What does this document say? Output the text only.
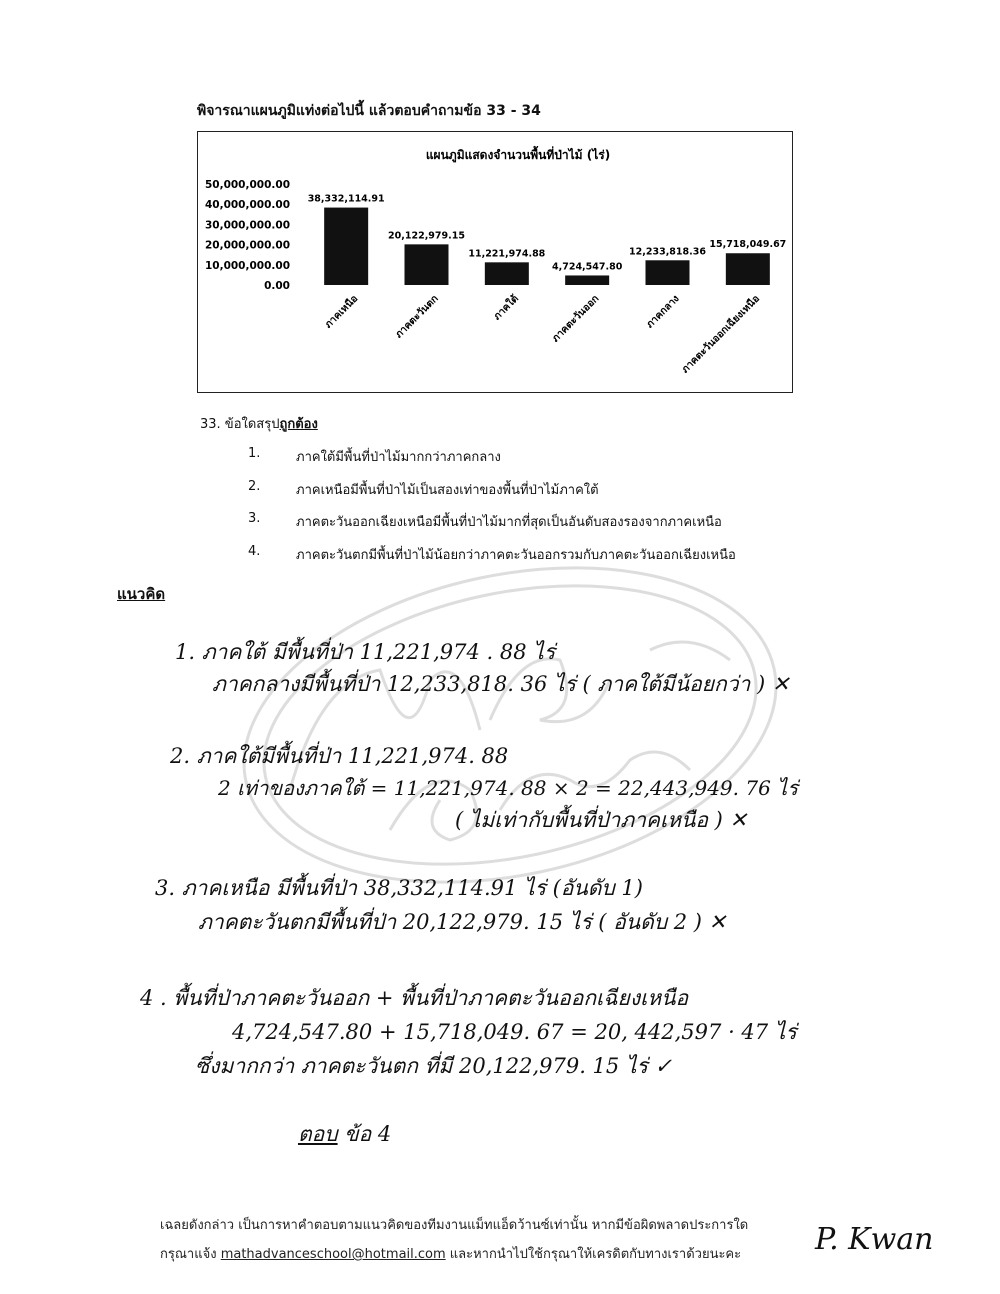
พิจารณาแผนภูมิแท่งต่อไปนี้ แล้วตอบคำถามข้อ 33 - 34
แผนภูมิแสดงจำนวนพื้นที่ป่าไม้ (ไร่)
0.00
10,000,000.00
20,000,000.00
30,000,000.00
40,000,000.00
50,000,000.00
38,332,114.91
20,122,979.15
11,221,974.88
4,724,547.80
12,233,818.36
15,718,049.67
ภาคเหนือ	ภาคตะวันตก	ภาคใต้	ภาคตะวันออก	ภาคกลาง
ภาคตะวันออกเฉียงเหนือ
33. ข้อใดสรุปถูกต้อง
1.	ภาคใต้มีพื้นที่ป่าไม้มากกว่าภาคกลาง
2.	ภาคเหนือมีพื้นที่ป่าไม้เป็นสองเท่าของพื้นที่ป่าไม้ภาคใต้
3.	ภาคตะวันออกเฉียงเหนือมีพื้นที่ป่าไม้มากที่สุดเป็นอันดับสองรองจากภาคเหนือ
4.	ภาคตะวันตกมีพื้นที่ป่าไม้น้อยกว่าภาคตะวันออกรวมกับภาคตะวันออกเฉียงเหนือ
แนวคิด
1. ภาคใต้ มีพื้นที่ป่า 11,221,974 . 88 ไร่
ภาคกลางมีพื้นที่ป่า 12,233,818. 36 ไร่ ( ภาคใต้มีน้อยกว่า ) ✕
2. ภาคใต้มีพื้นที่ป่า 11,221,974. 88
2 เท่าของภาคใต้ = 11,221,974. 88 × 2 = 22,443,949. 76 ไร่
( ไม่เท่ากับพื้นที่ป่าภาคเหนือ ) ✕
3. ภาคเหนือ มีพื้นที่ป่า 38,332,114.91 ไร่ (อันดับ 1)
ภาคตะวันตกมีพื้นที่ป่า 20,122,979. 15 ไร่ ( อันดับ 2 ) ✕
4 . พื้นที่ป่าภาคตะวันออก + พื้นที่ป่าภาคตะวันออกเฉียงเหนือ
4,724,547.80 + 15,718,049. 67 = 20, 442,597 · 47 ไร่
ซึ่งมากกว่า ภาคตะวันตก ที่มี 20,122,979. 15 ไร่ ✓
ตอบ ข้อ 4
เฉลยดังกล่าว เป็นการหาคำตอบตามแนวคิดของทีมงานแม็ทแอ็ดว้านซ์เท่านั้น หากมีข้อผิดพลาดประการใด
กรุณาแจ้ง mathadvanceschool@hotmail.com และหากนำไปใช้กรุณาให้เครดิตกับทางเราด้วยนะคะ P. Kwan
